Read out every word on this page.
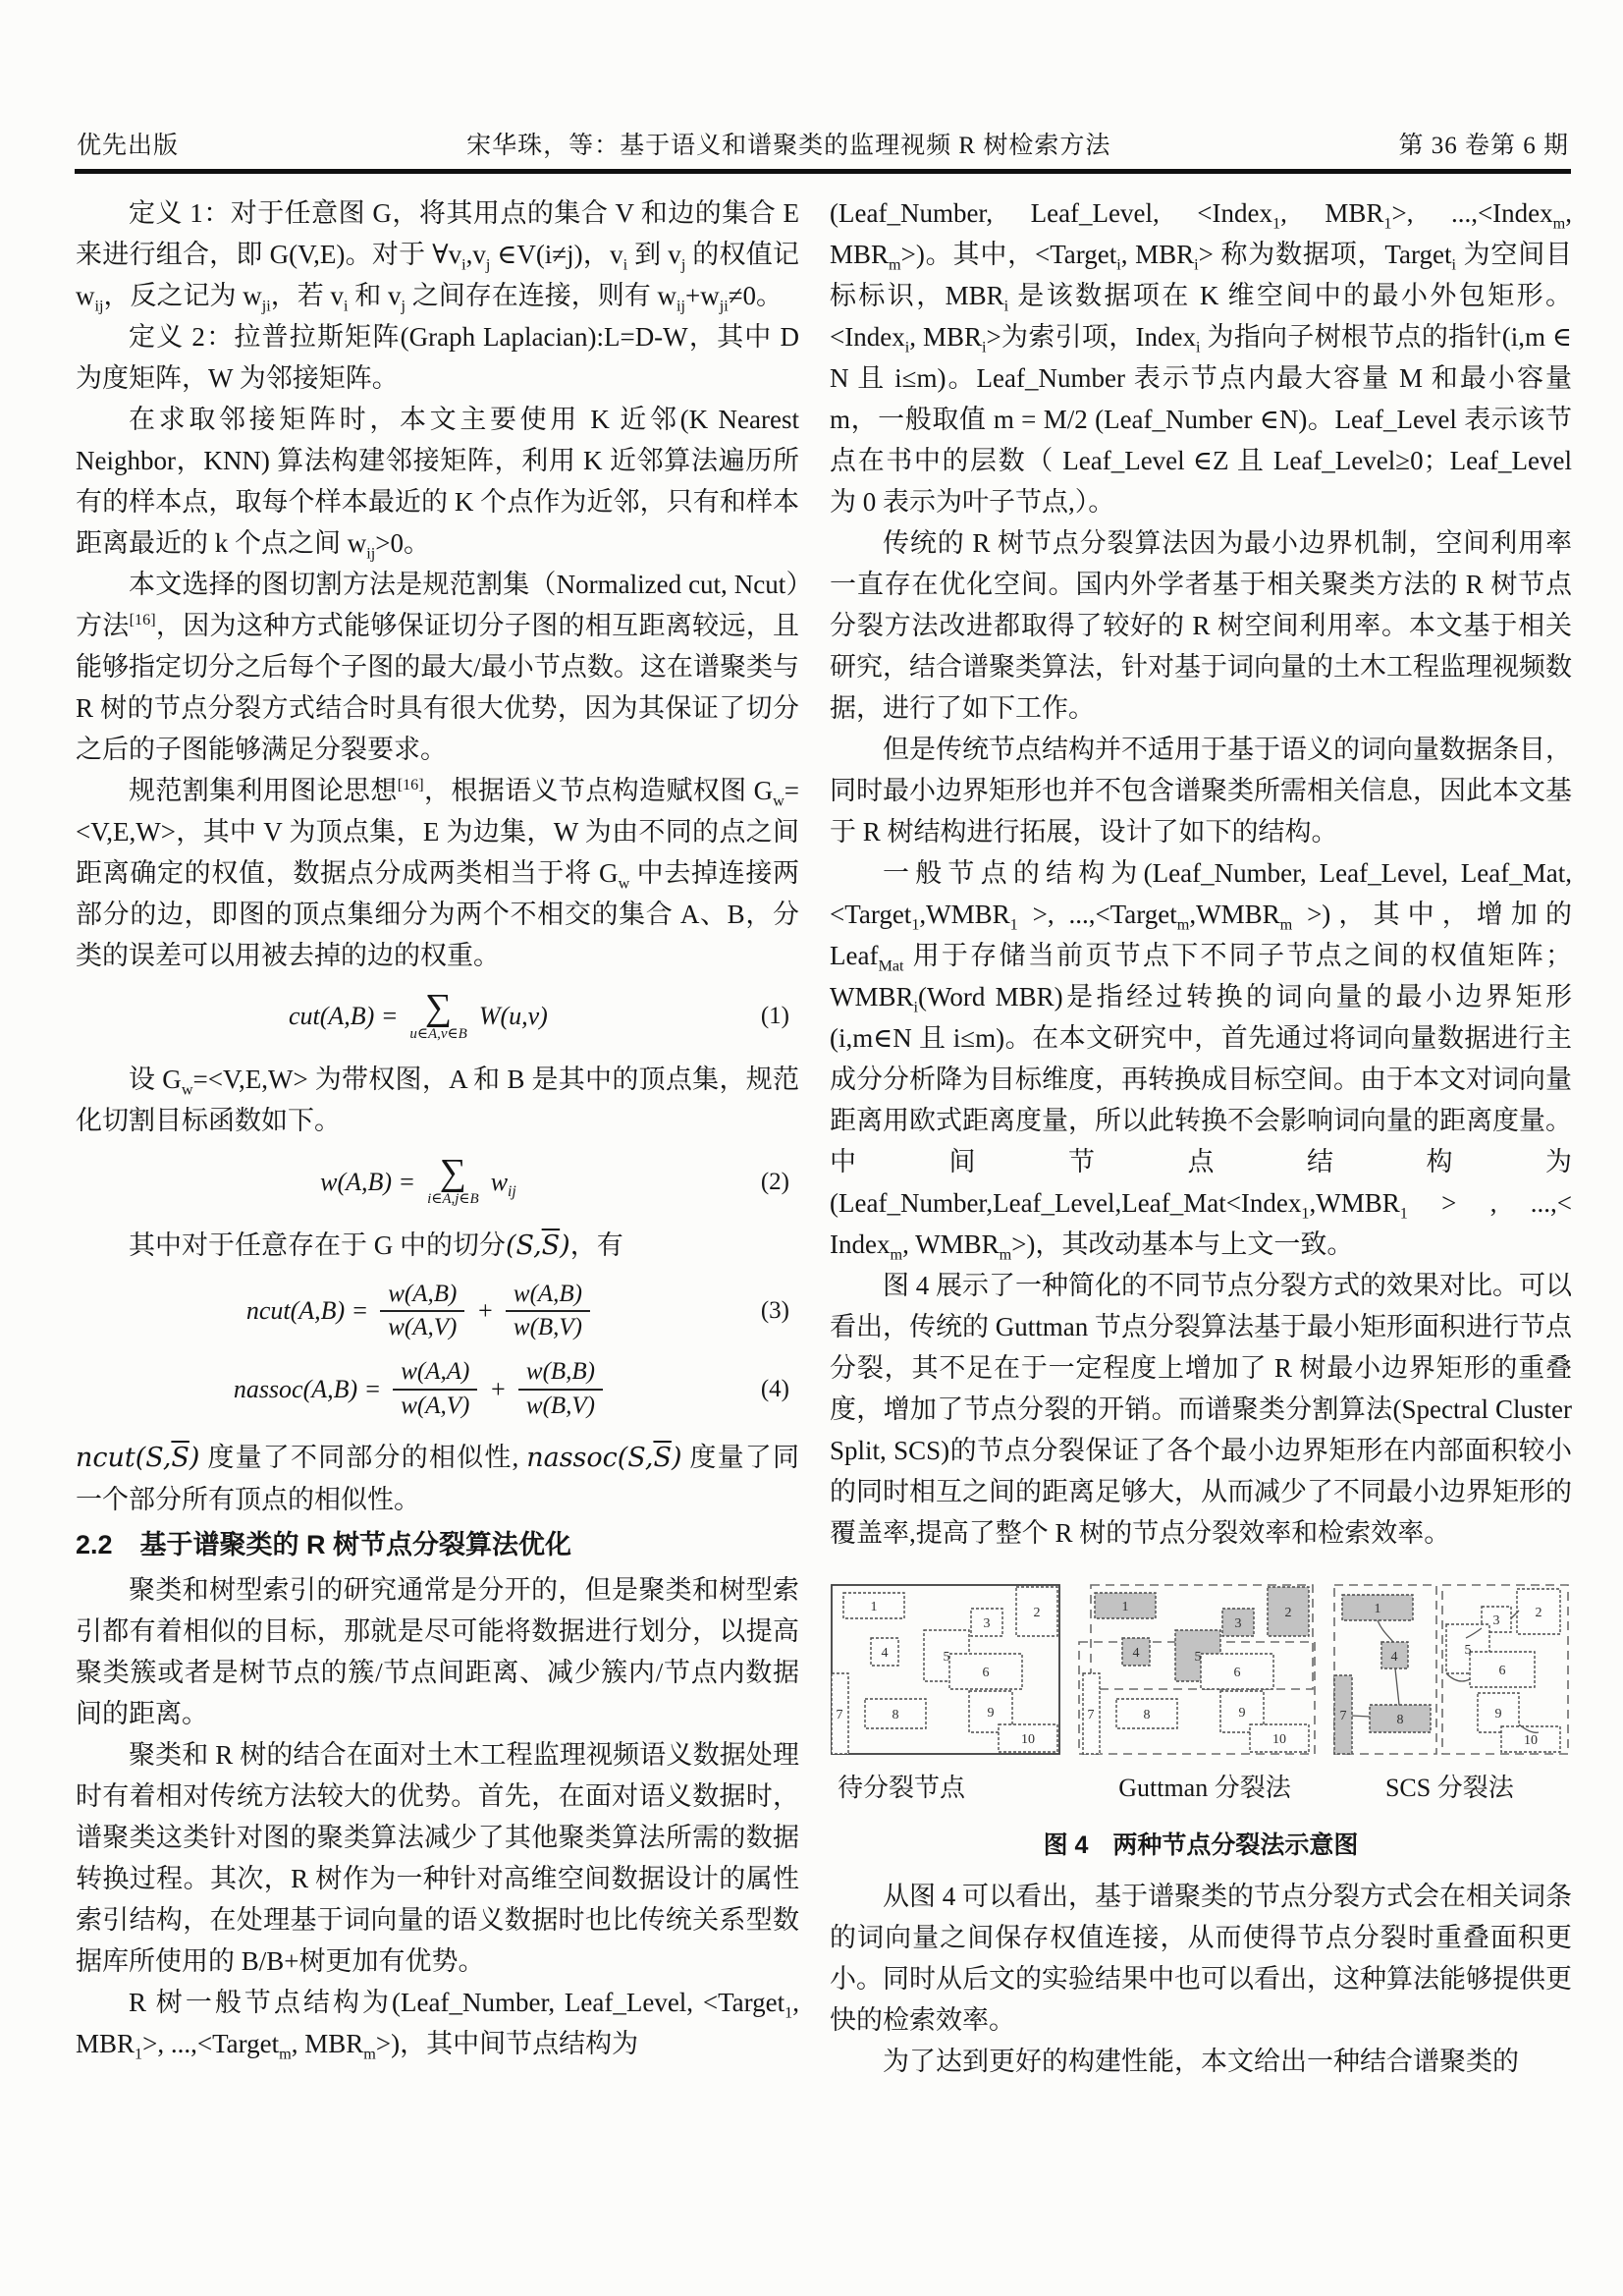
优先出版	宋华珠，等：基于语义和谱聚类的监理视频 R 树检索方法	第 36 卷第 6 期

定义 1：对于任意图 G，将其用点的集合 V 和边的集合 E 来进行组合，即 G(V,E)。对于 $\forall v_i,v_j$ ∈V(i≠j)，$v_i$ 到 $v_j$ 的权值记 $w_{ij}$，反之记为 $w_{ji}$，若 $v_i$ 和 $v_j$ 之间存在连接，则有 $w_{ij}+w_{ji}\ne 0$。

定义 2：拉普拉斯矩阵(Graph Laplacian):L=D-W，其中 D 为度矩阵，W 为邻接矩阵。

在求取邻接矩阵时，本文主要使用 K 近邻(K Nearest Neighbor，KNN) 算法构建邻接矩阵，利用 K 近邻算法遍历所有的样本点，取每个样本最近的 K 个点作为近邻，只有和样本距离最近的 k 个点之间 $w_{ij}>0$。

本文选择的图切割方法是规范割集（Normalized cut, Ncut）方法[16]，因为这种方式能够保证切分子图的相互距离较远，且能够指定切分之后每个子图的最大/最小节点数。这在谱聚类与 R 树的节点分裂方式结合时具有很大优势，因为其保证了切分之后的子图能够满足分裂要求。

规范割集利用图论思想[16]，根据语义节点构造赋权图 $G_w=<V,E,W>$，其中 V 为顶点集，E 为边集，W 为由不同的点之间距离确定的权值，数据点分成两类相当于将 $G_w$ 中去掉连接两部分的边，即图的顶点集细分为两个不相交的集合 A、B，分类的误差可以用被去掉的边的权重。

cut(A,B) = ∑
u∈A,v∈B
W(u,v)	(1)

设 $G_w=<V,E,W>$ 为带权图，A 和 B 是其中的顶点集，规范化切割目标函数如下。

w(A,B) = ∑
i∈A,j∈B
$w_{ij}$	(2)

其中对于任意存在于 G 中的切分$(S,\overline{S})$，有

ncut(A,B) = $\frac{w(A,B)}{w(A,V)} + \frac{w(A,B)}{w(B,V)}$	(3)
nassoc(A,B) = $\frac{w(A,A)}{w(A,V)} + \frac{w(B,B)}{w(B,V)}$	(4)

$ncut(S,\overline{S})$ 度量了不同部分的相似性, $nassoc(S,\overline{S})$ 度量了同一个部分所有顶点的相似性。

2.2 基于谱聚类的 R 树节点分裂算法优化

聚类和树型索引的研究通常是分开的，但是聚类和树型索引都有着相似的目标，那就是尽可能将数据进行划分，以提高聚类簇或者是树节点的簇/节点间距离、减少簇内/节点内数据间的距离。

聚类和 R 树的结合在面对土木工程监理视频语义数据处理时有着相对传统方法较大的优势。首先，在面对语义数据时，谱聚类这类针对图的聚类算法减少了其他聚类算法所需的数据转换过程。其次，R 树作为一种针对高维空间数据设计的属性索引结构，在处理基于词向量的语义数据时也比传统关系型数据库所使用的 B/B+树更加有优势。

R 树一般节点结构为(Leaf_Number, Leaf_Level, <Target$_1$, $MBR_1>$, ...,<Target$_m$, $MBR_m>$)，其中间节点结构为

(Leaf_Number, Leaf_Level, <Index$_1$, $MBR_1>$, ...,<Index$_m$, $MBR_m>$)。其中，<Target$_i$, $MBR_i>$ 称为数据项，Target$_i$ 为空间目标标识，$MBR_i$ 是该数据项在 K 维空间中的最小外包矩形。<Index$_i$, $MBR_i>$为索引项，Index$_i$ 为指向子树根节点的指针(i,m ∈ N 且 i≤m)。Leaf_Number 表示节点内最大容量 M 和最小容量 m，一般取值 m = M/2 (Leaf_Number ∈N)。Leaf_Level 表示该节点在书中的层数（ Leaf_Level ∈Z 且 Leaf_Level≥0；Leaf_Level 为 0 表示为叶子节点,）。

传统的 R 树节点分裂算法因为最小边界机制，空间利用率一直存在优化空间。国内外学者基于相关聚类方法的 R 树节点分裂方法改进都取得了较好的 R 树空间利用率。本文基于相关研究，结合谱聚类算法，针对基于词向量的土木工程监理视频数据，进行了如下工作。

但是传统节点结构并不适用于基于语义的词向量数据条目，同时最小边界矩形也并不包含谱聚类所需相关信息，因此本文基于 R 树结构进行拓展，设计了如下的结构。

一般节点的结构为(Leaf_Number, Leaf_Level, Leaf_Mat, $<Target_1,WMBR_1$ >, $...,<Target_m,WMBR_m$ >)，其中，增加的 Leaf$_{Mat}$ 用于存储当前页节点下不同子节点之间的权值矩阵；$WMBR_i(Word$ MBR)是指经过转换的词向量的最小边界矩形(i,m∈N 且 i≤m)。在本文研究中，首先通过将词向量数据进行主成分分析降为目标维度，再转换成目标空间。由于本文对词向量距离用欧式距离度量，所以此转换不会影响词向量的距离度量。中间节点结构为($Leaf\_Number,Leaf\_Level,Leaf\_Mat<Index_1,WMBR_1$ > , ...,< Index$_m$, $WMBR_m>$)，其改动基本与上文一致。

图 4 展示了一种简化的不同节点分裂方式的效果对比。可以看出，传统的 Guttman 节点分裂算法基于最小矩形面积进行节点分裂，其不足在于一定程度上增加了 R 树最小边界矩形的重叠度，增加了节点分裂的开销。而谱聚类分割算法(Spectral Cluster Split, SCS)的节点分裂保证了各个最小边界矩形在内部面积较小的同时相互之间的距离足够大，从而减少了不同最小边界矩形的覆盖率,提高了整个 R 树的节点分裂效率和检索效率。

1	2
3
4	5
6
7	8	9
10
1	2
3
4	5
6
7	8	9
10
1
4
7	8
2
3
5
6
9
10
待分裂节点	Guttman 分裂法	SCS 分裂法
图 4　两种节点分裂法示意图

从图 4 可以看出，基于谱聚类的节点分裂方式会在相关词条的词向量之间保存权值连接，从而使得节点分裂时重叠面积更小。同时从后文的实验结果中也可以看出，这种算法能够提供更快的检索效率。

为了达到更好的构建性能，本文给出一种结合谱聚类的
